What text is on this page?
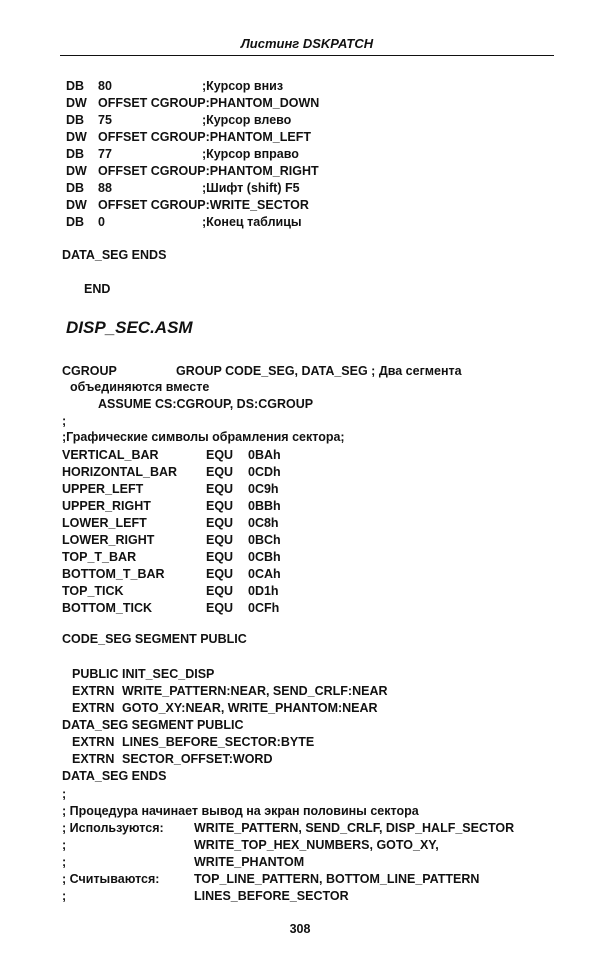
Листинг DSKPATCH
DB 80	;Курсор вниз
DW OFFSET CGROUP:PHANTOM_DOWN
DB 75	;Курсор влево
DW OFFSET CGROUP:PHANTOM_LEFT
DB 77	;Курсор вправо
DW OFFSET CGROUP:PHANTOM_RIGHT
DB 88	;Шифт (shift) F5
DW OFFSET CGROUP:WRITE_SECTOR
DB 0	;Конец таблицы
DATA_SEG ENDS
END
DISP_SEC.ASM
CGROUP	GROUP CODE_SEG, DATA_SEG ; Два сегмента
объединяются вместе
ASSUME CS:CGROUP, DS:CGROUP
;
;Графические символы обрамления сектора;
VERTICAL_BAR	EQU 0BAh
HORIZONTAL_BAR EQU 0CDh
UPPER_LEFT	EQU 0C9h
UPPER_RIGHT	EQU 0BBh
LOWER_LEFT	EQU 0C8h
LOWER_RIGHT	EQU 0BCh
TOP_T_BAR	EQU 0CBh
BOTTOM_T_BAR	EQU 0CAh
TOP_TICK	EQU 0D1h
BOTTOM_TICK	EQU 0CFh
CODE_SEG SEGMENT PUBLIC
PUBLIC INIT_SEC_DISP
EXTRN WRITE_PATTERN:NEAR, SEND_CRLF:NEAR
EXTRN GOTO_XY:NEAR, WRITE_PHANTOM:NEAR
DATA_SEG SEGMENT PUBLIC
EXTRN LINES_BEFORE_SECTOR:BYTE
EXTRN SECTOR_OFFSET:WORD
DATA_SEG ENDS
;
; Процедура начинает вывод на экран половины сектора
; Используются: WRITE_PATTERN, SEND_CRLF, DISP_HALF_SECTOR
;	WRITE_TOP_HEX_NUMBERS, GOTO_XY,
;	WRITE_PHANTOM
; Считываются:	TOP_LINE_PATTERN, BOTTOM_LINE_PATTERN
;	LINES_BEFORE_SECTOR
308
